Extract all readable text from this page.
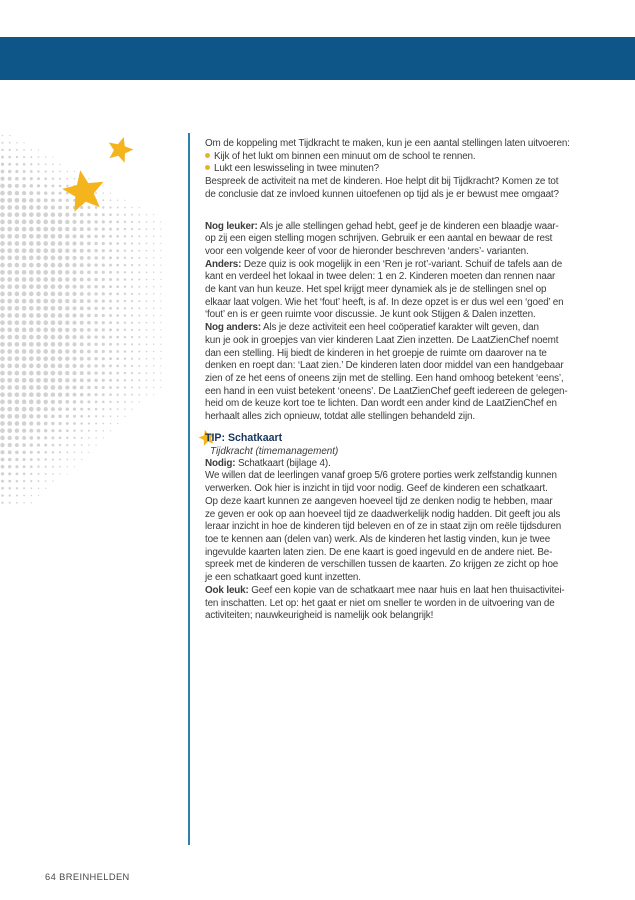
Om de koppeling met Tijdkracht te maken, kun je een aantal stellingen laten uitvoeren:
Kijk of het lukt om binnen een minuut om de school te rennen.
Lukt een leswisseling in twee minuten?
Bespreek de activiteit na met de kinderen. Hoe helpt dit bij Tijdkracht? Komen ze tot
de conclusie dat ze invloed kunnen uitoefenen op tijd als je er bewust mee omgaat?
Nog leuker: Als je alle stellingen gehad hebt, geef je de kinderen een blaadje waar-
op zij een eigen stelling mogen schrijven. Gebruik er een aantal en bewaar de rest
voor een volgende keer of voor de hieronder beschreven ‘anders’- varianten.
Anders: Deze quiz is ook mogelijk in een ‘Ren je rot’-variant. Schuif de tafels aan de
kant en verdeel het lokaal in twee delen: 1 en 2. Kinderen moeten dan rennen naar
de kant van hun keuze. Het spel krijgt meer dynamiek als je de stellingen snel op
elkaar laat volgen. Wie het ‘fout’ heeft, is af. In deze opzet is er dus wel een ‘goed’ en
‘fout’ en is er geen ruimte voor discussie. Je kunt ook Stijgen & Dalen inzetten.
Nog anders: Als je deze activiteit een heel coöperatief karakter wilt geven, dan
kun je ook in groepjes van vier kinderen Laat Zien inzetten. De LaatZienChef noemt
dan een stelling. Hij biedt de kinderen in het groepje de ruimte om daarover na te
denken en roept dan: ‘Laat zien.’ De kinderen laten door middel van een handgebaar
zien of ze het eens of oneens zijn met de stelling. Een hand omhoog betekent ‘eens’,
een hand in een vuist betekent ‘oneens’. De LaatZienChef geeft iedereen de gelegen-
heid om de keuze kort toe te lichten. Dan wordt een ander kind de LaatZienChef en
herhaalt alles zich opnieuw, totdat alle stellingen behandeld zijn.
TIP: Schatkaart
Tijdkracht (timemanagement)
Nodig: Schatkaart (bijlage 4).
We willen dat de leerlingen vanaf groep 5/6 grotere porties werk zelfstandig kunnen
verwerken. Ook hier is inzicht in tijd voor nodig. Geef de kinderen een schatkaart.
Op deze kaart kunnen ze aangeven hoeveel tijd ze denken nodig te hebben, maar
ze geven er ook op aan hoeveel tijd ze daadwerkelijk nodig hadden. Dit geeft jou als
leraar inzicht in hoe de kinderen tijd beleven en of ze in staat zijn om reële tijdsduren
toe te kennen aan (delen van) werk. Als de kinderen het lastig vinden, kun je twee
ingevulde kaarten laten zien. De ene kaart is goed ingevuld en de andere niet. Be-
spreek met de kinderen de verschillen tussen de kaarten. Zo krijgen ze zicht op hoe
je een schatkaart goed kunt inzetten.
Ook leuk: Geef een kopie van de schatkaart mee naar huis en laat hen thuisactivitei-
ten inschatten. Let op: het gaat er niet om sneller te worden in de uitvoering van de
activiteiten; nauwkeurigheid is namelijk ook belangrijk!
64 BREINHELDEN
